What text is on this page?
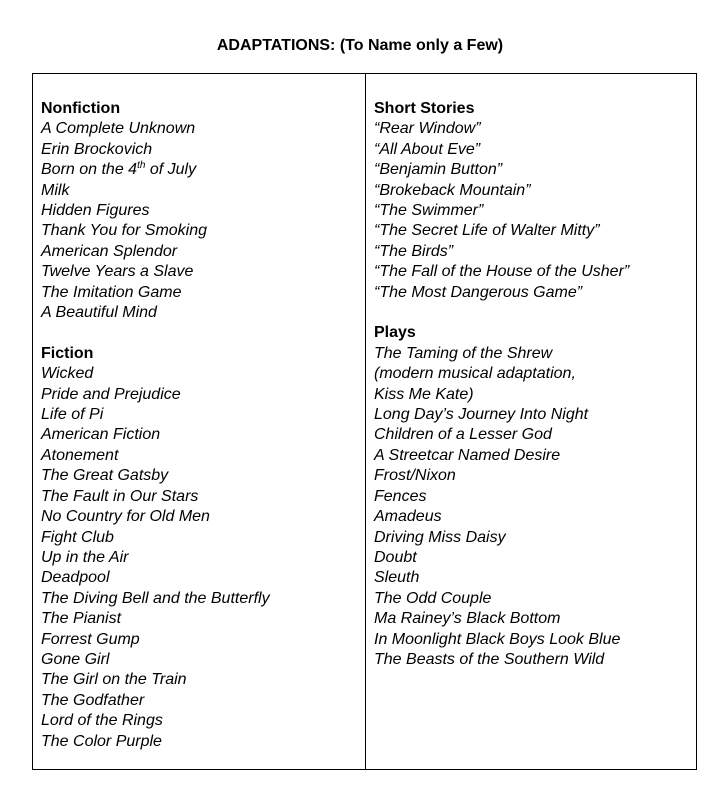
ADAPTATIONS: (To Name only a Few)
Nonfiction
A Complete Unknown
Erin Brockovich
Born on the 4th of July
Milk
Hidden Figures
Thank You for Smoking
American Splendor
Twelve Years a Slave
The Imitation Game
A Beautiful Mind
Fiction
Wicked
Pride and Prejudice
Life of Pi
American Fiction
Atonement
The Great Gatsby
The Fault in Our Stars
No Country for Old Men
Fight Club
Up in the Air
Deadpool
The Diving Bell and the Butterfly
The Pianist
Forrest Gump
Gone Girl
The Girl on the Train
The Godfather
Lord of the Rings
The Color Purple
Short Stories
“Rear Window”
“All About Eve”
“Benjamin Button”
“Brokeback Mountain”
“The Swimmer”
“The Secret Life of Walter Mitty”
“The Birds”
“The Fall of the House of the Usher”
“The Most Dangerous Game”
Plays
The Taming of the Shrew
(modern musical adaptation,
Kiss Me Kate)
Long Day’s Journey Into Night
Children of a Lesser God
A Streetcar Named Desire
Frost/Nixon
Fences
Amadeus
Driving Miss Daisy
Doubt
Sleuth
The Odd Couple
Ma Rainey’s Black Bottom
In Moonlight Black Boys Look Blue
The Beasts of the Southern Wild
